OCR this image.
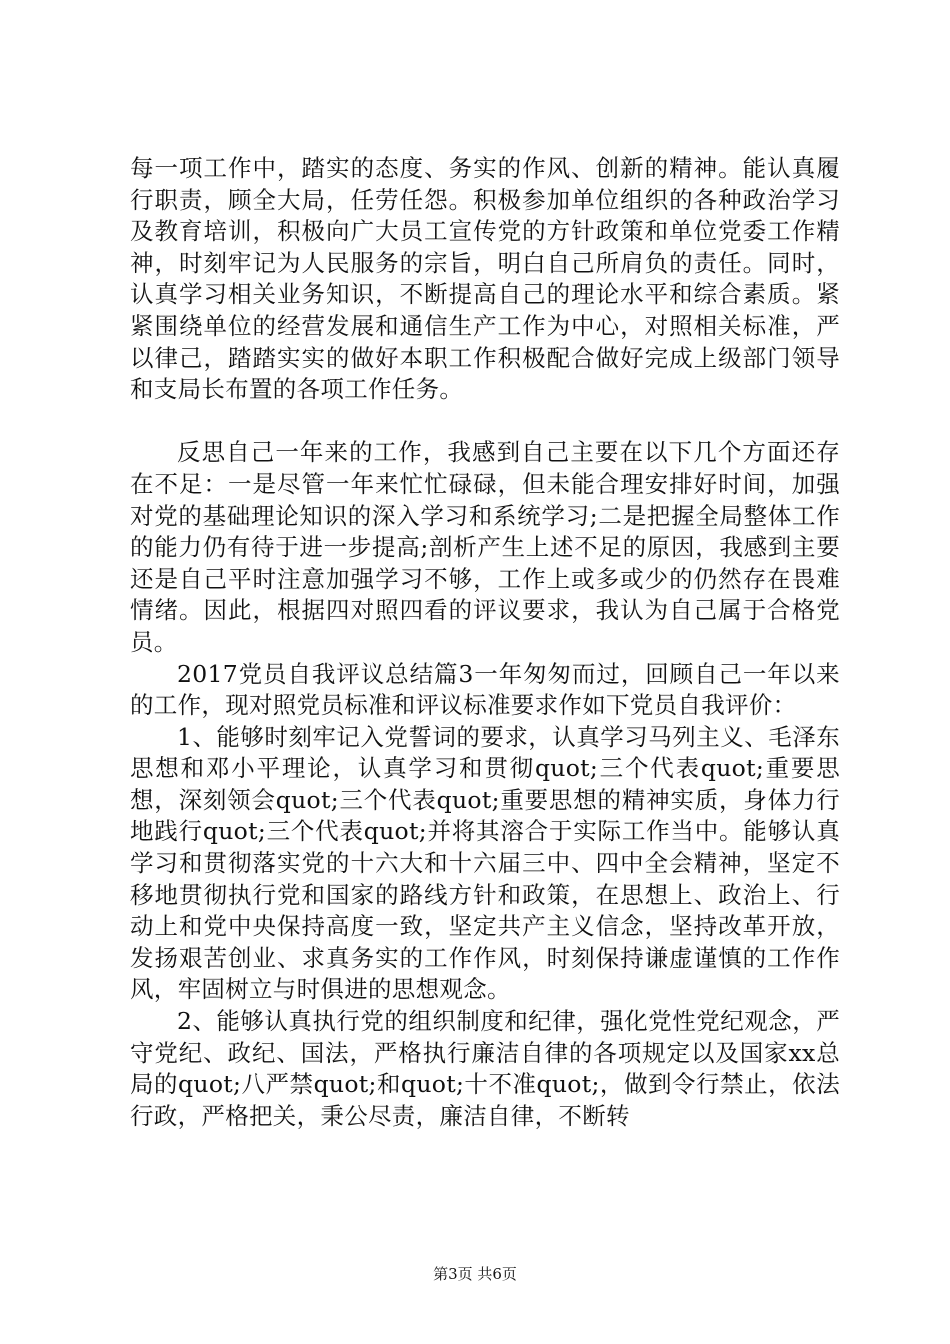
每一项工作中，踏实的态度、务实的作风、创新的精神。能认真履行职责，顾全大局，任劳任怨。积极参加单位组织的各种政治学习及教育培训，积极向广大员工宣传党的方针政策和单位党委工作精神，时刻牢记为人民服务的宗旨，明白自己所肩负的责任。同时，认真学习相关业务知识，不断提高自己的理论水平和综合素质。紧紧围绕单位的经营发展和通信生产工作为中心，对照相关标准，严以律己，踏踏实实的做好本职工作积极配合做好完成上级部门领导和支局长布置的各项工作任务。

反思自己一年来的工作，我感到自己主要在以下几个方面还存在不足：一是尽管一年来忙忙碌碌，但未能合理安排好时间，加强对党的基础理论知识的深入学习和系统学习;二是把握全局整体工作的能力仍有待于进一步提高;剖析产生上述不足的原因，我感到主要还是自己平时注意加强学习不够，工作上或多或少的仍然存在畏难情绪。因此，根据四对照四看的评议要求，我认为自己属于合格党员。

2017党员自我评议总结篇3一年匆匆而过，回顾自己一年以来的工作，现对照党员标准和评议标准要求作如下党员自我评价：

1、能够时刻牢记入党誓词的要求，认真学习马列主义、毛泽东思想和邓小平理论，认真学习和贯彻quot;三个代表quot;重要思想，深刻领会quot;三个代表quot;重要思想的精神实质，身体力行地践行quot;三个代表quot;并将其溶合于实际工作当中。能够认真学习和贯彻落实党的十六大和十六届三中、四中全会精神，坚定不移地贯彻执行党和国家的路线方针和政策，在思想上、政治上、行动上和党中央保持高度一致，坚定共产主义信念，坚持改革开放，发扬艰苦创业、求真务实的工作作风，时刻保持谦虚谨慎的工作作风，牢固树立与时俱进的思想观念。

2、能够认真执行党的组织制度和纪律，强化党性党纪观念，严守党纪、政纪、国法，严格执行廉洁自律的各项规定以及国家xx总局的quot;八严禁quot;和quot;十不准quot;，做到令行禁止，依法行政，严格把关，秉公尽责，廉洁自律，不断转

第3页 共6页
